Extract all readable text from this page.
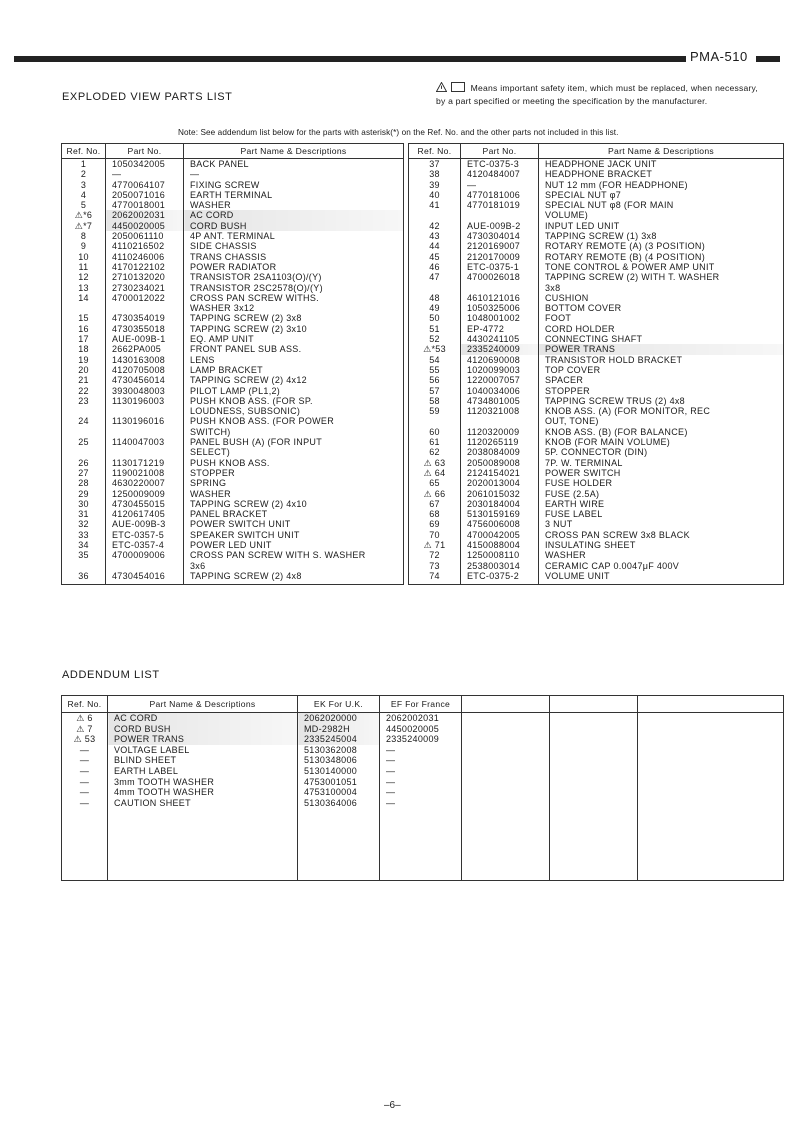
PMA-510
EXPLODED VIEW PARTS LIST
Means important safety item, which must be replaced, when necessary, by a part specified or meeting the specification by the manufacturer.
Note: See addendum list below for the parts with asterisk(*) on the Ref. No. and the other parts not included in this list.
Ref. No.	Part No.	Part Name & Descriptions
1	1050342005	BACK PANEL
2	—	—
3	4770064107	FIXING SCREW
4	2050071016	EARTH TERMINAL
5	4770018001	WASHER
⚠*6	2062002031	AC CORD
⚠*7	4450020005	CORD BUSH
8	2050061110	4P ANT. TERMINAL
9	4110216502	SIDE CHASSIS
10	4110246006	TRANS CHASSIS
11	4170122102	POWER RADIATOR
12	2710132020	TRANSISTOR 2SA1103(O)/(Y)
13	2730234021	TRANSISTOR 2SC2578(O)/(Y)
14	4700012022	CROSS PAN SCREW WITHS.
		WASHER 3x12
15	4730354019	TAPPING SCREW (2) 3x8
16	4730355018	TAPPING SCREW (2) 3x10
17	AUE-009B-1	EQ. AMP UNIT
18	2662PA005	FRONT PANEL SUB ASS.
19	1430163008	LENS
20	4120705008	LAMP BRACKET
21	4730456014	TAPPING SCREW (2) 4x12
22	3930048003	PILOT LAMP (PL1,2)
23	1130196003	PUSH KNOB ASS. (FOR SP.
		LOUDNESS, SUBSONIC)
24	1130196016	PUSH KNOB ASS. (FOR POWER
		SWITCH)
25	1140047003	PANEL BUSH (A) (FOR INPUT
		SELECT)
26	1130171219	PUSH KNOB ASS.
27	1190021008	STOPPER
28	4630220007	SPRING
29	1250009009	WASHER
30	4730455015	TAPPING SCREW (2) 4x10
31	4120617405	PANEL BRACKET
32	AUE-009B-3	POWER SWITCH UNIT
33	ETC-0357-5	SPEAKER SWITCH UNIT
34	ETC-0357-4	POWER LED UNIT
35	4700009006	CROSS PAN SCREW WITH S. WASHER
		3x6
36	4730454016	TAPPING SCREW (2) 4x8
Ref. No.	Part No.	Part Name & Descriptions
37	ETC-0375-3	HEADPHONE JACK UNIT
38	4120484007	HEADPHONE BRACKET
39	—	NUT 12 mm (FOR HEADPHONE)
40	4770181006	SPECIAL NUT φ7
41	4770181019	SPECIAL NUT φ8 (FOR MAIN
		VOLUME)
42	AUE-009B-2	INPUT LED UNIT
43	4730304014	TAPPING SCREW (1) 3x8
44	2120169007	ROTARY REMOTE (A) (3 POSITION)
45	2120170009	ROTARY REMOTE (B) (4 POSITION)
46	ETC-0375-1	TONE CONTROL & POWER AMP UNIT
47	4700026018	TAPPING SCREW (2) WITH T. WASHER
		3x8
48	4610121016	CUSHION
49	1050325006	BOTTOM COVER
50	1048001002	FOOT
51	EP-4772	CORD HOLDER
52	4430241105	CONNECTING SHAFT
⚠*53	2335240009	POWER TRANS
54	4120690008	TRANSISTOR HOLD BRACKET
55	1020099003	TOP COVER
56	1220007057	SPACER
57	1040034006	STOPPER
58	4734801005	TAPPING SCREW TRUS (2) 4x8
59	1120321008	KNOB ASS. (A) (FOR MONITOR, REC
		OUT, TONE)
60	1120320009	KNOB ASS. (B) (FOR BALANCE)
61	1120265119	KNOB (FOR MAIN VOLUME)
62	2038084009	5P. CONNECTOR (DIN)
⚠ 63	2050089008	7P. W. TERMINAL
⚠ 64	2124154021	POWER SWITCH
65	2020013004	FUSE HOLDER
⚠ 66	2061015032	FUSE (2.5A)
67	2030184004	EARTH WIRE
68	5130159169	FUSE LABEL
69	4756006008	3 NUT
70	4700042005	CROSS PAN SCREW 3x8 BLACK
⚠ 71	4150088004	INSULATING SHEET
72	1250008110	WASHER
73	2538003014	CERAMIC CAP 0.0047μF 400V
74	ETC-0375-2	VOLUME UNIT
ADDENDUM LIST
Ref. No.	Part Name & Descriptions	EK For U.K.	EF For France			
⚠ 6	AC CORD	2062020000	2062002031			
⚠ 7	CORD BUSH	MD-2982H	4450020005			
⚠ 53	POWER TRANS	2335245004	2335240009			
—	VOLTAGE LABEL	5130362008	—			
—	BLIND SHEET	5130348006	—			
—	EARTH LABEL	5130140000	—			
—	3mm TOOTH WASHER	4753001051	—			
—	4mm TOOTH WASHER	4753100004	—			
—	CAUTION SHEET	5130364006	—			

–6–
